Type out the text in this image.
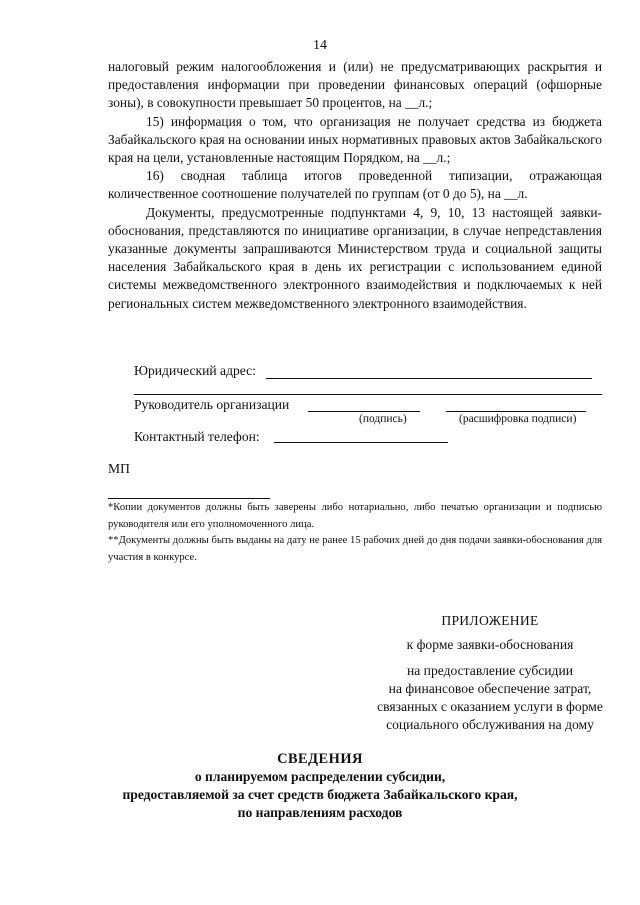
14

налоговый режим налогообложения и (или) не предусматривающих раскрытия и предоставления информации при проведении финансовых операций (офшорные зоны), в совокупности превышает 50 процентов, на __л.;

15) информация о том, что организация не получает средства из бюджета Забайкальского края на основании иных нормативных правовых актов Забайкальского края на цели, установленные настоящим Порядком, на __л.;

16) сводная таблица итогов проведенной типизации, отражающая количественное соотношение получателей по группам (от 0 до 5), на __л.

Документы, предусмотренные подпунктами 4, 9, 10, 13 настоящей заявки-обоснования, представляются по инициативе организации, в случае непредставления указанные документы запрашиваются Министерством труда и социальной защиты населения Забайкальского края в день их регистрации с использованием единой системы межведомственного электронного взаимодействия и подключаемых к ней региональных систем межведомственного электронного взаимодействия.

Юридический адрес:
Руководитель организации
(подпись)	(расшифровка подписи)
Контактный телефон:
МП

*Копии документов должны быть заверены либо нотариально, либо печатью организации и подписью руководителя или его уполномоченного лица.

**Документы должны быть выданы на дату не ранее 15 рабочих дней до дня подачи заявки-обоснования для участия в конкурсе.

ПРИЛОЖЕНИЕ
к форме заявки-обоснования
на предоставление субсидии
на финансовое обеспечение затрат,
связанных с оказанием услуги в форме
социального обслуживания на дому
СВЕДЕНИЯ
о планируемом распределении субсидии,
предоставляемой за счет средств бюджета Забайкальского края,
по направлениям расходов
